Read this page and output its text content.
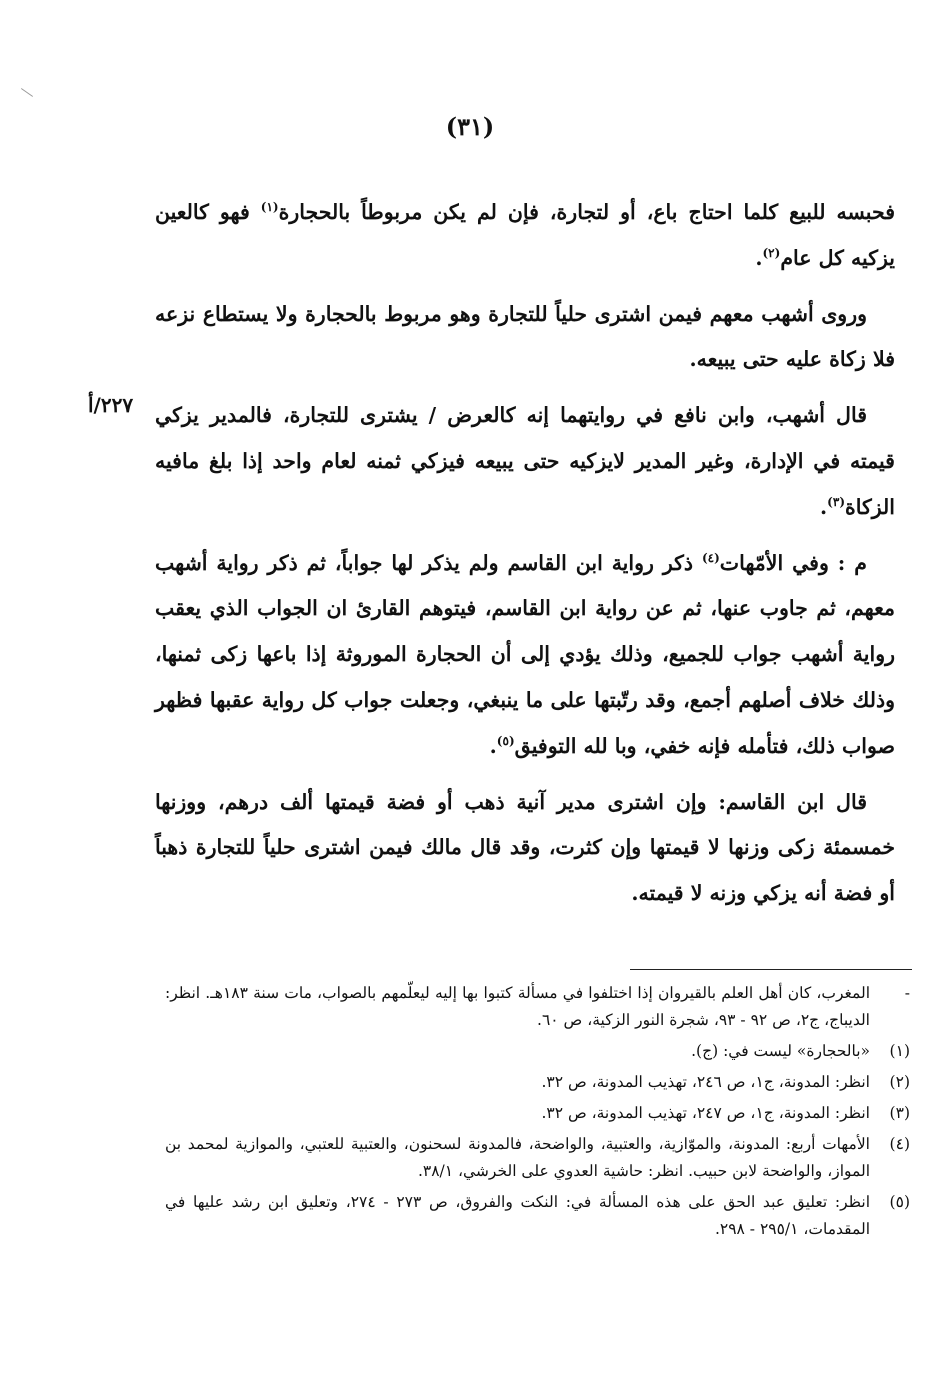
(٣١)
٢٢٧/أ

فحبسه للبيع كلما احتاج باع، أو لتجارة، فإن لم يكن مربوطاً بالحجارة$^{(١)}$ فهو كالعين يزكيه كل عام$^{(٢)}$.

وروى أشهب معهم فيمن اشترى حلياً للتجارة وهو مربوط بالحجارة ولا يستطاع نزعه فلا زكاة عليه حتى يبيعه.

قال أشهب، وابن نافع في روايتهما إنه كالعرض / يشترى للتجارة، فالمدير يزكي قيمته في الإدارة، وغير المدير لايزكيه حتى يبيعه فيزكي ثمنه لعام واحد إذا بلغ مافيه الزكاة$^{(٣)}$.

م : وفي الأمّهات$^{(٤)}$ ذكر رواية ابن القاسم ولم يذكر لها جواباً، ثم ذكر رواية أشهب معهم، ثم جاوب عنها، ثم عن رواية ابن القاسم، فيتوهم القارئ ان الجواب الذي يعقب رواية أشهب جواب للجميع، وذلك يؤدي إلى أن الحجارة الموروثة إذا باعها زكى ثمنها، وذلك خلاف أصلهم أجمع، وقد رتّبتها على ما ينبغي، وجعلت جواب كل رواية عقبها فظهر صواب ذلك، فتأمله فإنه خفي، وبا لله التوفيق$^{(٥)}$.

قال ابن القاسم: وإن اشترى مدير آنية ذهب أو فضة قيمتها ألف درهم، ووزنها خمسمئة زكى وزنها لا قيمتها وإن كثرت، وقد قال مالك فيمن اشترى حلياً للتجارة ذهباً أو فضة أنه يزكي وزنه لا قيمته.

-
المغرب، كان أهل العلم بالقيروان إذا اختلفوا في مسألة كتبوا بها إليه ليعلّمهم بالصواب، مات سنة ١٨٣هـ. انظر: الديباج، ج٢، ص ٩٢ - ٩٣، شجرة النور الزكية، ص ٦٠.
(١)
«بالحجارة» ليست في: (ج).
(٢)
انظر: المدونة، ج١، ص ٢٤٦، تهذيب المدونة، ص ٣٢.
(٣)
انظر: المدونة، ج١، ص ٢٤٧، تهذيب المدونة، ص ٣٢.
(٤)
الأمهات أربع: المدونة، والموّازية، والعتبية، والواضحة، فالمدونة لسحنون، والعتبية للعتبي، والموازية لمحمد بن المواز، والواضحة لابن حبيب. انظر: حاشية العدوي على الخرشي، ٣٨/١.
(٥)
انظر: تعليق عبد الحق على هذه المسألة في: النكت والفروق، ص ٢٧٣ - ٢٧٤، وتعليق ابن رشد عليها في المقدمات، ٢٩٥/١ - ٢٩٨.
